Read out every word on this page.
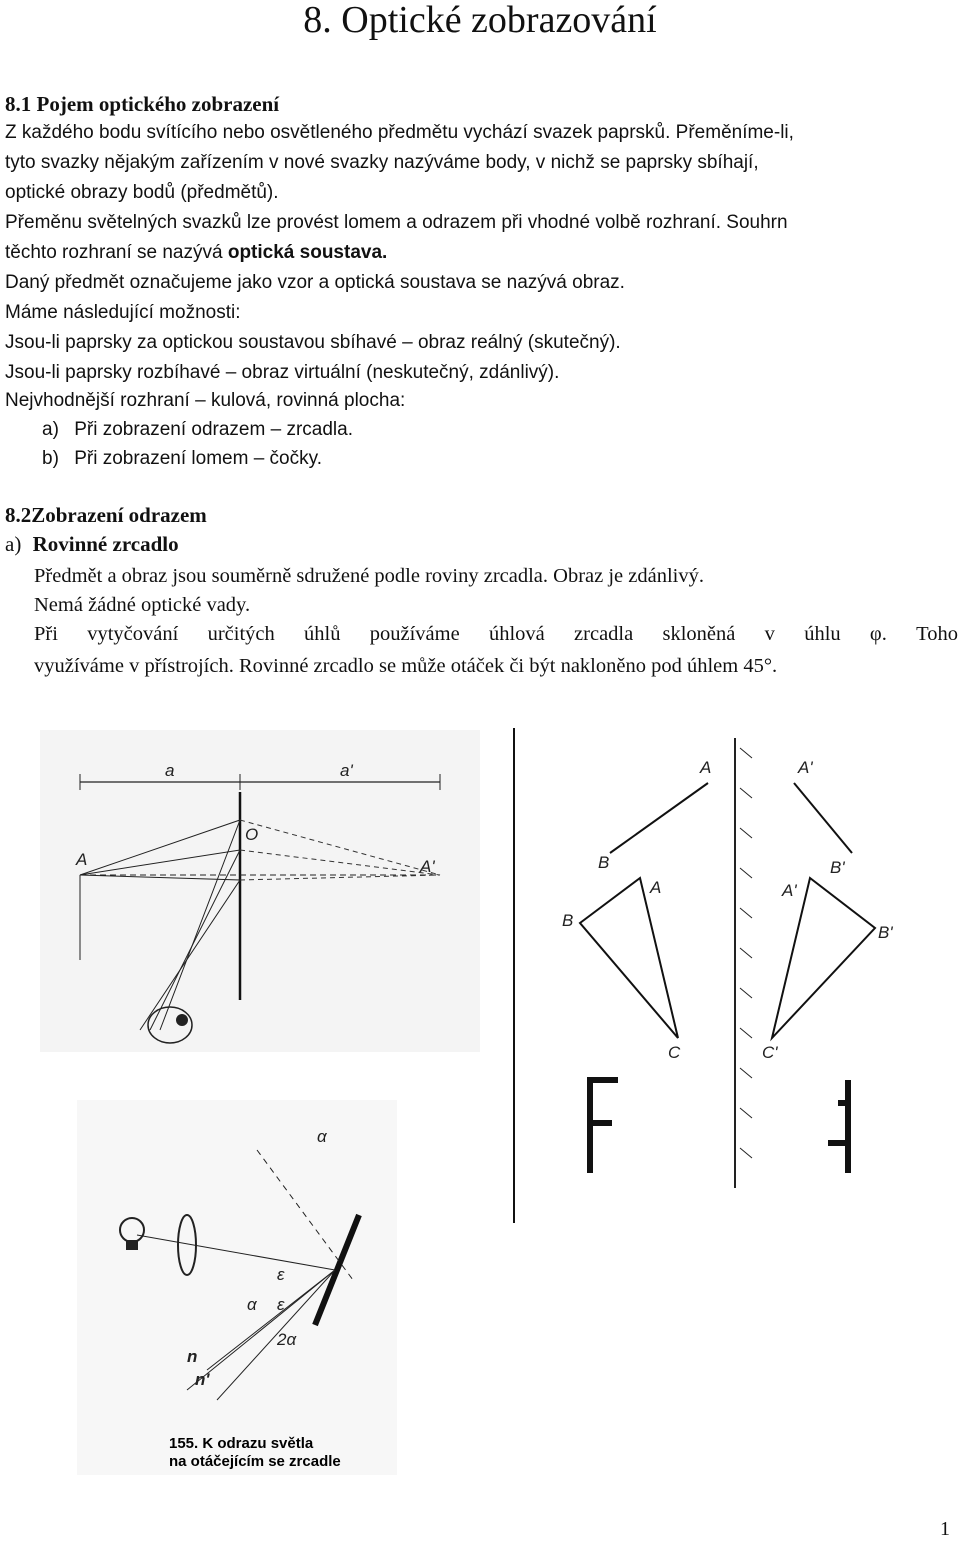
8. Optické zobrazování
8.1 Pojem optického zobrazení
Z každého bodu svítícího nebo osvětleného předmětu vychází svazek paprsků. Přeměníme-li,
tyto svazky nějakým zařízením v nové svazky nazýváme body, v nichž se paprsky sbíhají,
optické obrazy bodů (předmětů).
Přeměnu světelných svazků lze provést lomem a odrazem při vhodné volbě rozhraní. Souhrn
těchto rozhraní se nazývá optická soustava.
Daný předmět označujeme jako vzor a optická soustava se nazývá obraz.
Máme následující možnosti:
Jsou-li paprsky za optickou soustavou sbíhavé – obraz reálný (skutečný).
Jsou-li paprsky rozbíhavé – obraz virtuální (neskutečný, zdánlivý).
Nejvhodnější rozhraní – kulová, rovinná plocha:
a) Při zobrazení odrazem – zrcadla.
b) Při zobrazení lomem – čočky.
8.2Zobrazení odrazem
a) Rovinné zrcadlo
Předmět a obraz jsou souměrně sdružené podle roviny zrcadla. Obraz je zdánlivý.
Nemá žádné optické vady.
Při vytyčování určitých úhlů používáme úhlová zrcadla skloněná v úhlu φ. Toho
využíváme v přístrojích. Rovinné zrcadlo se může otáček či být nakloněno pod úhlem 45°.
a	a'
O
A	A'
A	A'
B	B'
A	A'
B
B'
C	C'
α
ε
α ε
2α
n
n'
155. K odrazu světla
na otáčejícím se zrcadle
1
